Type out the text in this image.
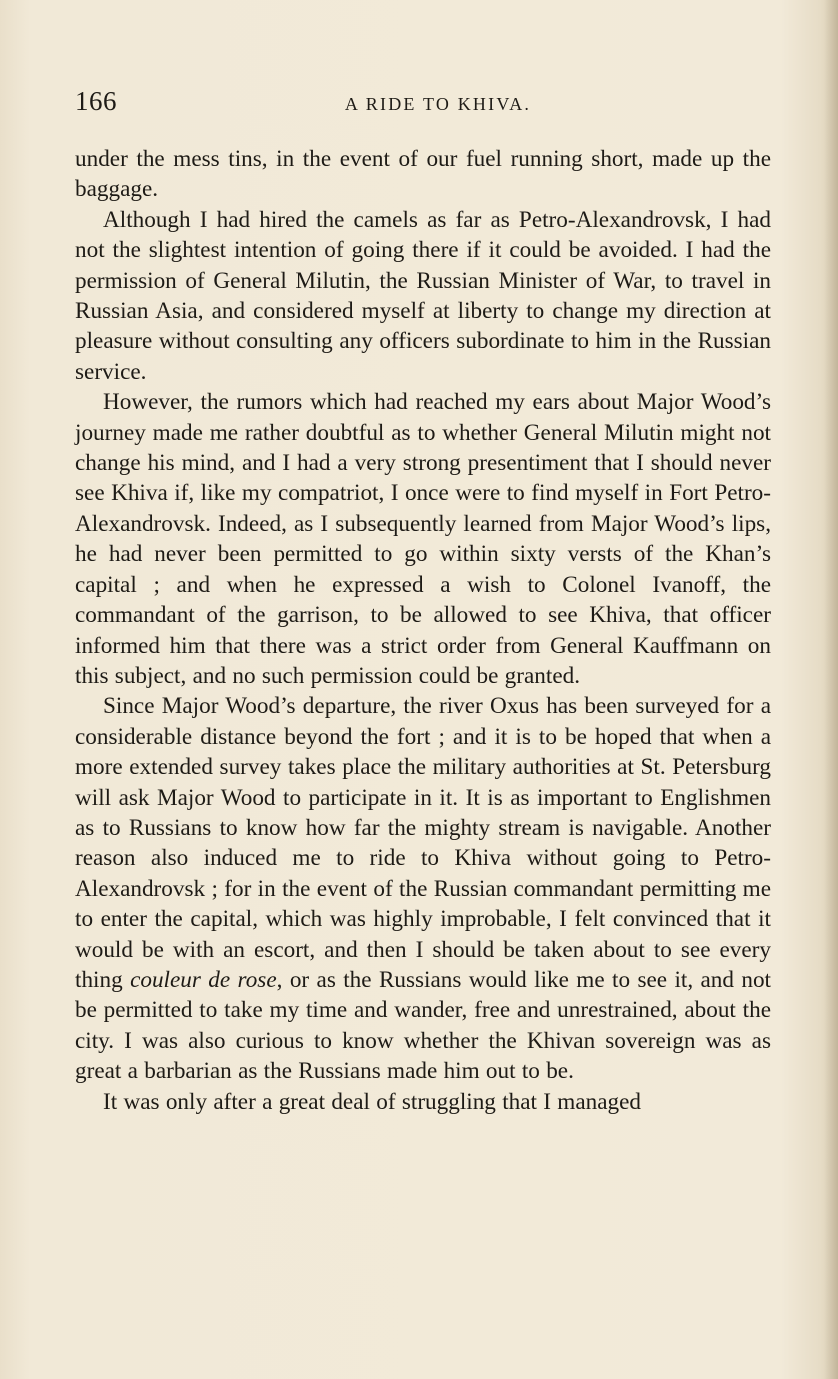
166	A RIDE TO KHIVA.

under the mess tins, in the event of our fuel running short, made up the baggage.

Although I had hired the camels as far as Petro-Alexandrovsk, I had not the slightest intention of going there if it could be avoided. I had the permission of General Milutin, the Russian Minister of War, to travel in Russian Asia, and considered myself at liberty to change my direction at pleasure without consulting any officers subordinate to him in the Russian service.

However, the rumors which had reached my ears about Major Wood’s journey made me rather doubtful as to whether General Milutin might not change his mind, and I had a very strong presentiment that I should never see Khiva if, like my compatriot, I once were to find myself in Fort Petro-Alexandrovsk. Indeed, as I subsequently learned from Major Wood’s lips, he had never been permitted to go within sixty versts of the Khan’s capital ; and when he expressed a wish to Colonel Ivanoff, the commandant of the garrison, to be allowed to see Khiva, that officer informed him that there was a strict order from General Kauffmann on this subject, and no such permission could be granted.

Since Major Wood’s departure, the river Oxus has been surveyed for a considerable distance beyond the fort ; and it is to be hoped that when a more extended survey takes place the military authorities at St. Petersburg will ask Major Wood to participate in it. It is as important to Englishmen as to Russians to know how far the mighty stream is navigable. Another reason also induced me to ride to Khiva without going to Petro-Alexandrovsk ; for in the event of the Russian commandant permitting me to enter the capital, which was highly improbable, I felt convinced that it would be with an escort, and then I should be taken about to see every thing couleur de rose, or as the Russians would like me to see it, and not be permitted to take my time and wander, free and unrestrained, about the city. I was also curious to know whether the Khivan sovereign was as great a barbarian as the Russians made him out to be.

It was only after a great deal of struggling that I managed
